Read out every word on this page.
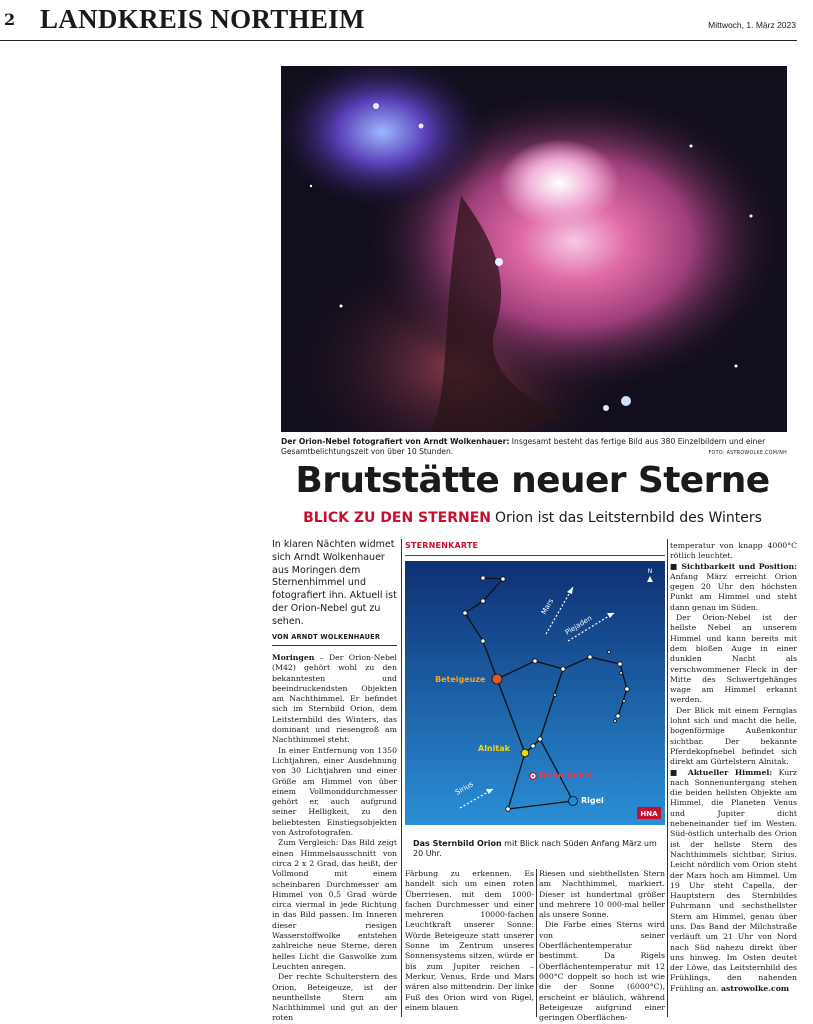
2 LANDKREIS NORTHEIM	Mittwoch, 1. März 2023
Der Orion-Nebel fotografiert von Arndt Wolkenhauer: Insgesamt besteht das fertige Bild aus 380 Einzelbildern und einer Gesamtbelichtungszeit von über 10 Stunden.	FOTO: ASTROWOLKE.COM/NH
Brutstätte neuer Sterne
BLICK ZU DEN STERNEN Orion ist das Leitsternbild des Winters
In klaren Nächten widmet sich Arndt Wolkenhauer aus Moringen dem Sternenhimmel und fotografiert ihn. Aktuell ist der Orion-Nebel gut zu sehen.
VON ARNDT WOLKENHAUER

Moringen – Der Orion-Nebel (M42) gehört wohl zu den bekanntesten und beeindruckendsten Objekten am Nachthimmel. Er befindet sich im Sternbild Orion, dem Leitsternbild des Winters, das dominant und riesengroß am Nachthimmel steht.

In einer Entfernung von 1350 Lichtjahren, einer Ausdehnung von 30 Lichtjahren und einer Größe am Himmel von über einem Vollmonddurchmesser gehört er, auch aufgrund seiner Helligkeit, zu den beliebtesten Einstiegsobjekten von Astrofotografen.

Zum Vergleich: Das Bild zeigt einen Himmelsausschnitt von circa 2 x 2 Grad, das heißt, der Vollmond mit einem scheinbaren Durchmesser am Himmel von 0,5 Grad würde circa viermal in jede Richtung in das Bild passen. Im Inneren dieser riesigen Wasserstoffwolke entstehen zahlreiche neue Sterne, deren helles Licht die Gaswolke zum Leuchten anregen.

Der rechte Schulterstern des Orion, Beteigeuze, ist der neunthellste Stern am Nachthimmel und gut an der roten

STERNENKARTE
Beteigeuze
Alnitak
Orion Nebel
Rigel
Mars
Plejaden
Sirius
N
HNA
Das Sternbild Orion mit Blick nach Süden Anfang März um 20 Uhr.

Färbung zu erkennen. Es handelt sich um einen roten Überriesen, mit dem 1000-fachen Durchmesser und einer mehreren 10000-fachen Leuchtkraft unserer Sonne: Würde Beteigeuze statt unserer Sonne im Zentrum unseres Sonnensystems sitzen, würde er bis zum Jupiter reichen – Merkur, Venus, Erde und Mars wären also mittendrin. Der linke Fuß des Orion wird von Rigel, einem blauen

Riesen und siebthellsten Stern am Nachthimmel, markiert. Dieser ist hundertmal größer und mehrere 10 000-mal heller als unsere Sonne.

Die Farbe eines Sterns wird von seiner Oberflächentemperatur bestimmt. Da Rigels Oberflächentemperatur mit 12 000°C doppelt so hoch ist wie die der Sonne (6000°C), erscheint er bläulich, während Beteigeuze aufgrund einer geringen Oberflächen-

temperatur von knapp 4000°C rötlich leuchtet.

■ Sichtbarkeit und Position: Anfang März erreicht Orion gegen 20 Uhr den höchsten Punkt am Himmel und steht dann genau im Süden.

Der Orion-Nebel ist der hellste Nebel an unserem Himmel und kann bereits mit dem bloßen Auge in einer dunklen Nacht als verschwommener Fleck in der Mitte des Schwertgehänges wage am Himmel erkannt werden.

Der Blick mit einem Fernglas lohnt sich und macht die helle, bogenförmige Außenkontur sichtbar. Der bekannte Pferdekopfnebel befindet sich direkt am Gürtelstern Alnitak.

■ Aktueller Himmel: Kurz nach Sonnenuntergang stehen die beiden hellsten Objekte am Himmel, die Planeten Venus und Jupiter dicht nebeneinander tief im Westen. Süd-östlich unterhalb des Orion ist der hellste Stern des Nachthimmels sichtbar, Sirius. Leicht nördlich vom Orion steht der Mars hoch am Himmel. Um 19 Uhr steht Capella, der Hauptstern des Sternbildes Fuhrmann und sechsthellster Stern am Himmel, genau über uns. Das Band der Milchstraße verläuft um 21 Uhr von Nord nach Süd nahezu direkt über uns hinweg. Im Osten deutet der Löwe, das Leitsternbild des Frühlings, den nahenden Frühling an. astrowolke.com
